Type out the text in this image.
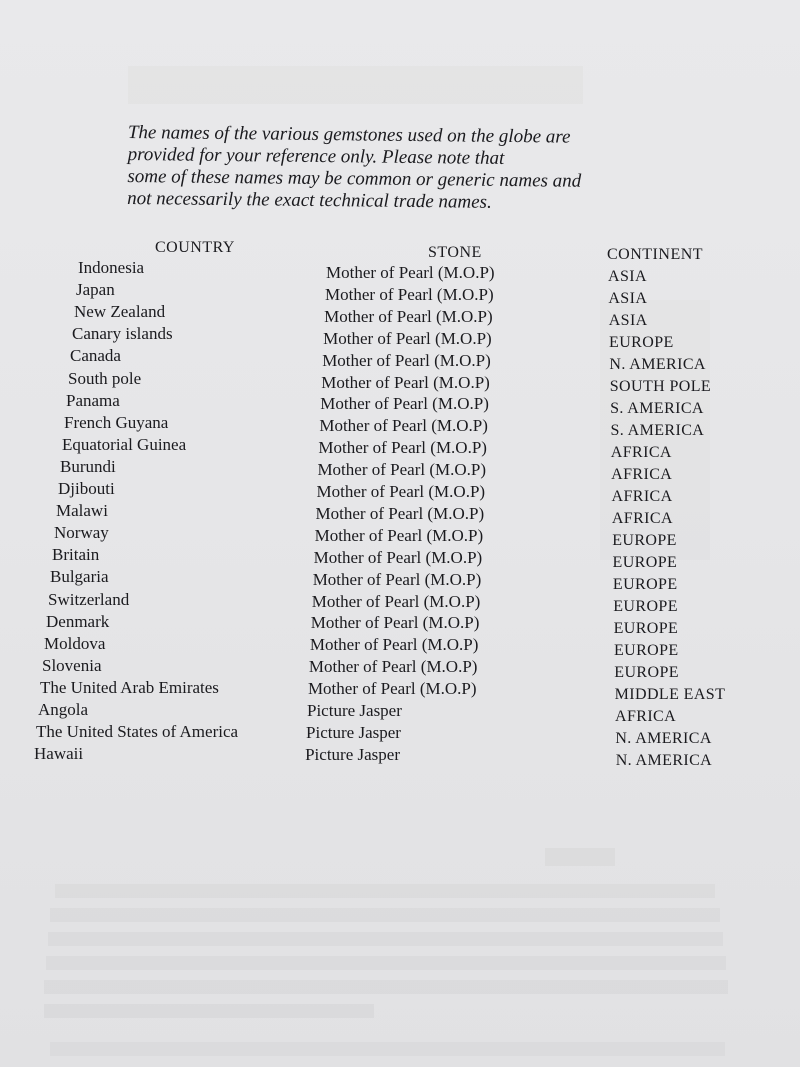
The names of the various gemstones used on the globe are

provided for your reference only. Please note that

some of these names may be common or generic names and

not necessarily the exact technical trade names.

COUNTRY	STONE	CONTINENT
Indonesia	Mother of Pearl (M.O.P)	ASIA
Japan	Mother of Pearl (M.O.P)	ASIA
New Zealand	Mother of Pearl (M.O.P)	ASIA
Canary islands	Mother of Pearl (M.O.P)	EUROPE
Canada	Mother of Pearl (M.O.P)	N. AMERICA
South pole	Mother of Pearl (M.O.P)	SOUTH POLE
Panama	Mother of Pearl (M.O.P)	S. AMERICA
French Guyana	Mother of Pearl (M.O.P)	S. AMERICA
Equatorial Guinea	Mother of Pearl (M.O.P)	AFRICA
Burundi	Mother of Pearl (M.O.P)	AFRICA
Djibouti	Mother of Pearl (M.O.P)	AFRICA
Malawi	Mother of Pearl (M.O.P)	AFRICA
Norway	Mother of Pearl (M.O.P)	EUROPE
Britain	Mother of Pearl (M.O.P)	EUROPE
Bulgaria	Mother of Pearl (M.O.P)	EUROPE
Switzerland	Mother of Pearl (M.O.P)	EUROPE
Denmark	Mother of Pearl (M.O.P)	EUROPE
Moldova	Mother of Pearl (M.O.P)	EUROPE
Slovenia	Mother of Pearl (M.O.P)	EUROPE
The United Arab Emirates	Mother of Pearl (M.O.P)	MIDDLE EAST
Angola	Picture Jasper	AFRICA
The United States of America	Picture Jasper	N. AMERICA
Hawaii	Picture Jasper	N. AMERICA
